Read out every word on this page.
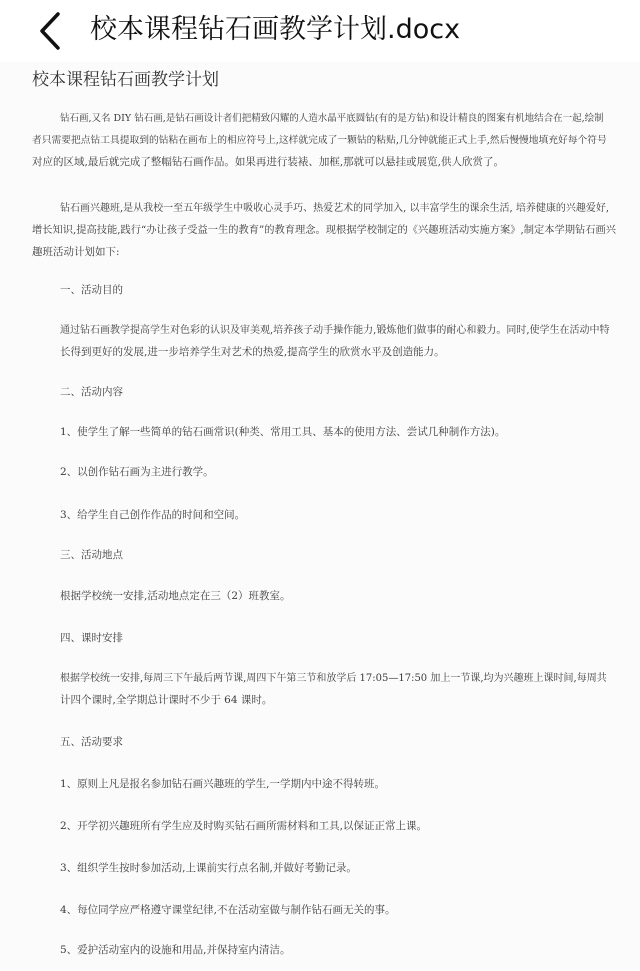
校本课程钻石画教学计划.docx
校本课程钻石画教学计划
钻石画,又名 DIY 钻石画,是钻石画设计者们把精致闪耀的人造水晶平底圆钻(有的是方钻)和设计精良的图案有机地结合在一起,绘制
者只需要把点钻工具提取到的钻粘在画布上的相应符号上,这样就完成了一颗钻的粘贴,几分钟就能正式上手,然后慢慢地填充好每个符号
对应的区域,最后就完成了整幅钻石画作品。如果再进行装裱、加框,那就可以悬挂或展览,供人欣赏了。
钻石画兴趣班,是从我校一至五年级学生中吸收心灵手巧、热爱艺术的同学加入, 以丰富学生的课余生活, 培养健康的兴趣爱好,
增长知识,提高技能,践行“办让孩子受益一生的教育”的教育理念。现根据学校制定的《兴趣班活动实施方案》,制定本学期钻石画兴
趣班活动计划如下:
一、活动目的
通过钻石画教学提高学生对色彩的认识及审美观,培养孩子动手操作能力,锻炼他们做事的耐心和毅力。同时,使学生在活动中特
长得到更好的发展,进一步培养学生对艺术的热爱,提高学生的欣赏水平及创造能力。
二、活动内容
1、使学生了解一些简单的钻石画常识(种类、常用工具、基本的使用方法、尝试几种制作方法)。
2、以创作钻石画为主进行教学。
3、给学生自己创作作品的时间和空间。
三、活动地点
根据学校统一安排,活动地点定在三（2）班教室。
四、课时安排
根据学校统一安排,每周三下午最后两节课,周四下午第三节和放学后 17:05—17:50 加上一节课,均为兴趣班上课时间,每周共
计四个课时,全学期总计课时不少于 64 课时。
五、活动要求
1、原则上凡是报名参加钻石画兴趣班的学生,一学期内中途不得转班。
2、开学初兴趣班所有学生应及时购买钻石画所需材料和工具,以保证正常上课。
3、组织学生按时参加活动,上课前实行点名制,并做好考勤记录。
4、每位同学应严格遵守课堂纪律,不在活动室做与制作钻石画无关的事。
5、爱护活动室内的设施和用品,并保持室内清洁。
